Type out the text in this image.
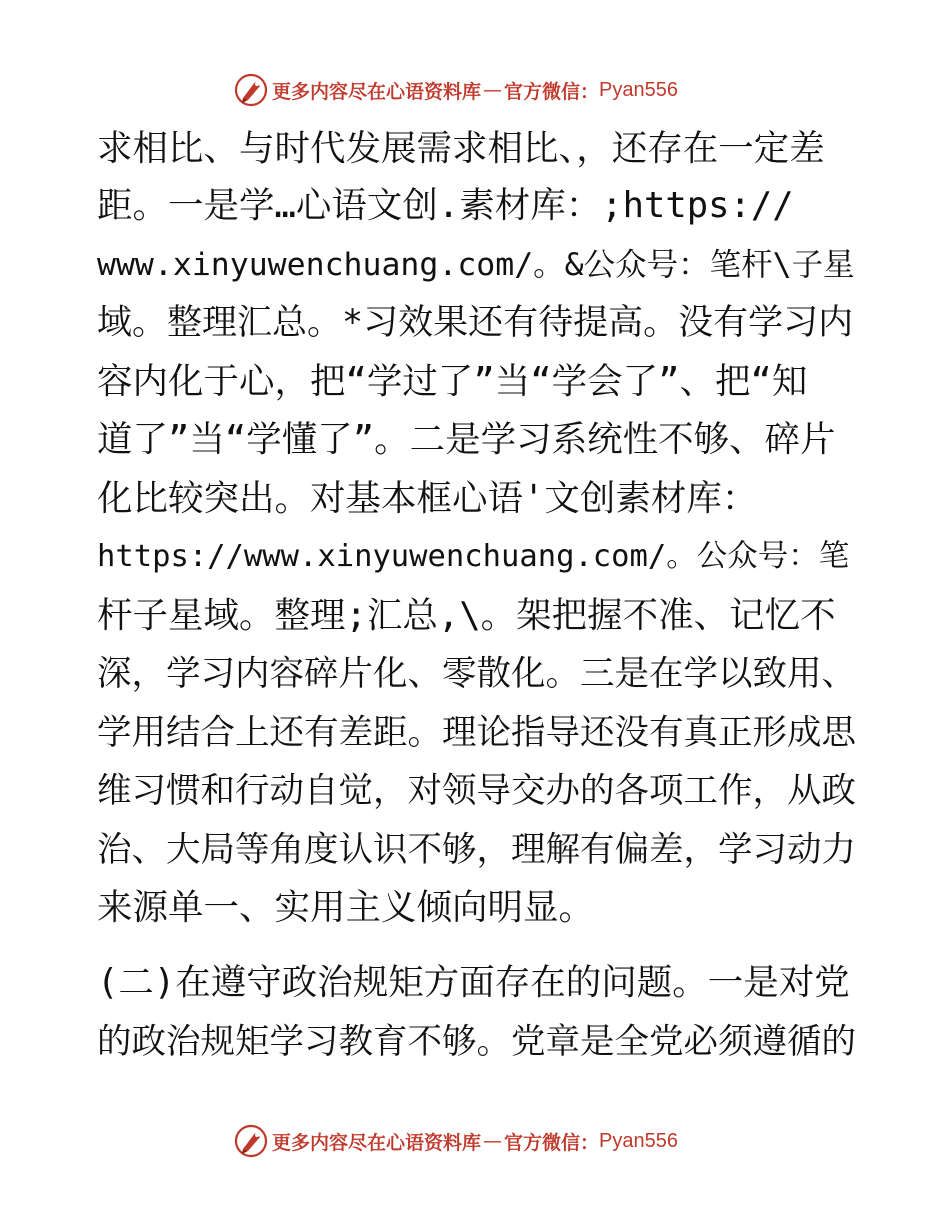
更多内容尽在心语资料库 — 官方微信： Pyan556
求相比、与时代发展需求相比、，还存在一定差
距。一是学…心语文创.素材库：;https://
www.xinyuwenchuang.com/。&公众号：笔杆\子星
域。整理汇总。*习效果还有待提高。没有学习内
容内化于心，把“学过了”当“学会了”、把“知
道了”当“学懂了”。二是学习系统性不够、碎片
化比较突出。对基本框心语'文创素材库：
https://www.xinyuwenchuang.com/。公众号：笔
杆子星域。整理;汇总,\。架把握不准、记忆不
深，学习内容碎片化、零散化。三是在学以致用、
学用结合上还有差距。理论指导还没有真正形成思
维习惯和行动自觉，对领导交办的各项工作，从政
治、大局等角度认识不够，理解有偏差，学习动力
来源单一、实用主义倾向明显。
(二)在遵守政治规矩方面存在的问题。一是对党
的政治规矩学习教育不够。党章是全党必须遵循的
更多内容尽在心语资料库 — 官方微信： Pyan556
